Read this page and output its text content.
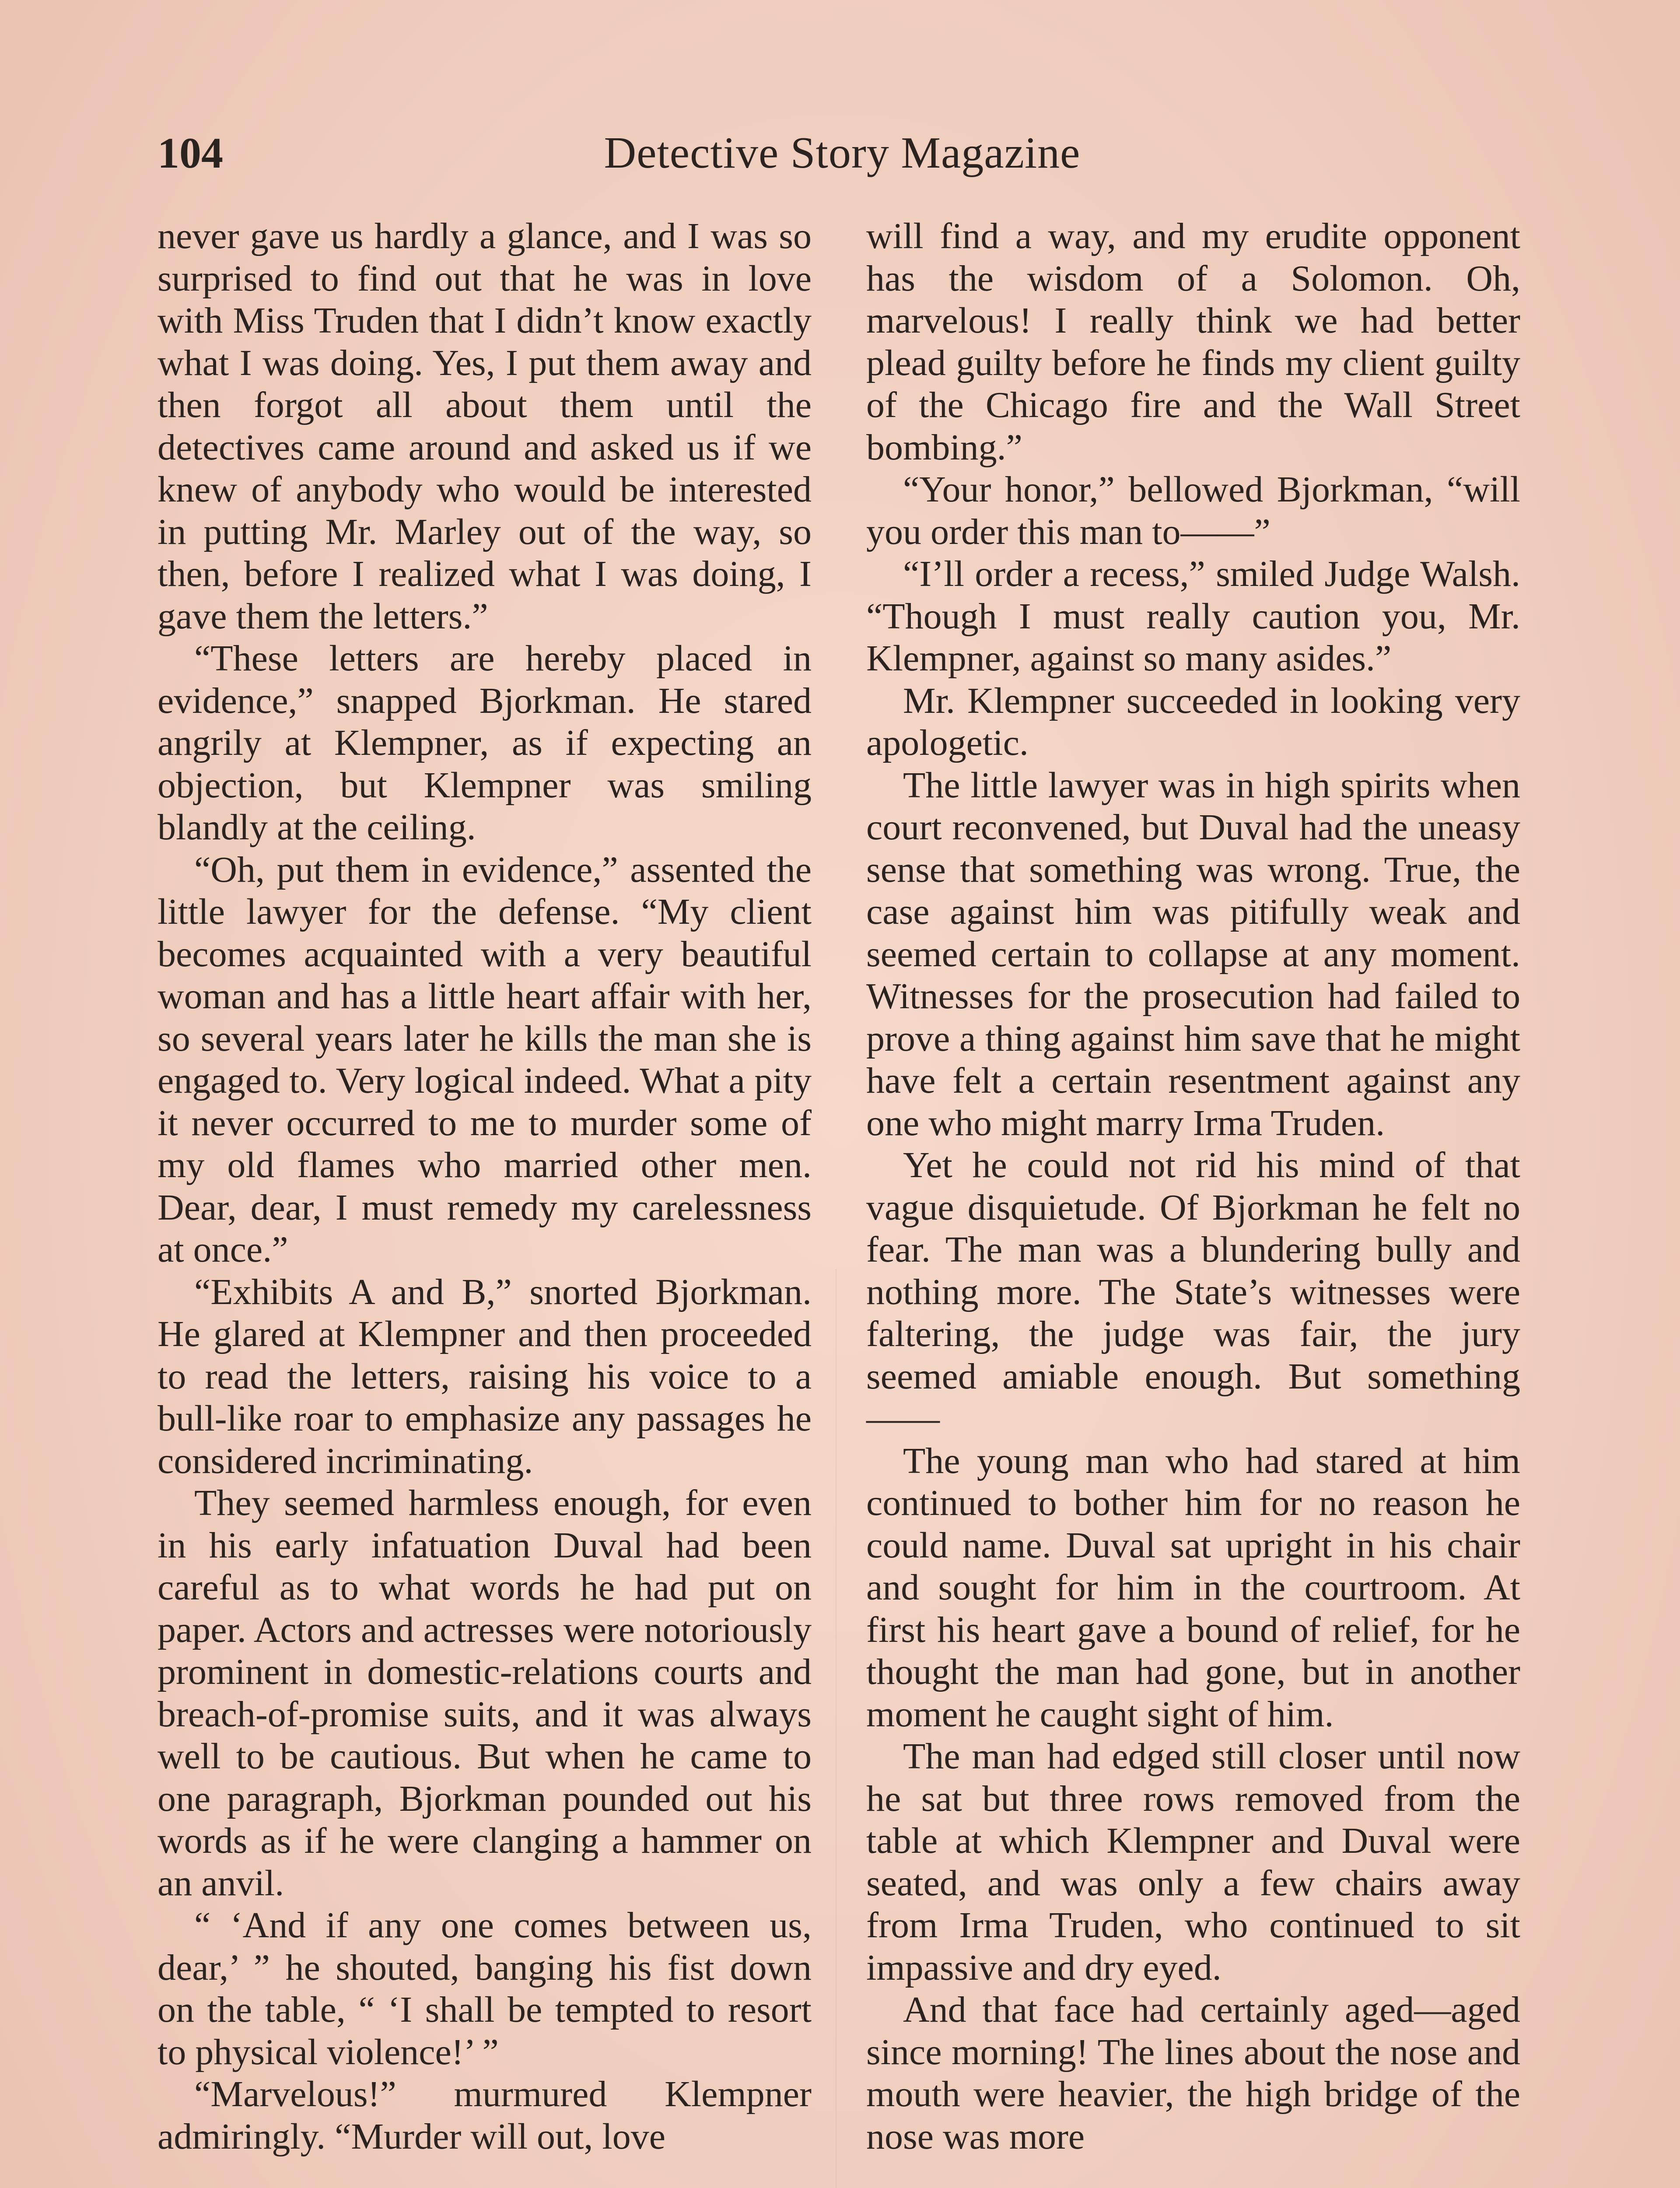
104	Detective Story Magazine

never gave us hardly a glance, and I was so surprised to find out that he was in love with Miss Truden that I didn’t know exactly what I was doing. Yes, I put them away and then forgot all about them until the detectives came around and asked us if we knew of anybody who would be interested in putting Mr. Marley out of the way, so then, before I realized what I was doing, I gave them the letters.”

“These letters are hereby placed in evidence,” snapped Bjorkman. He stared angrily at Klempner, as if expecting an objection, but Klempner was smiling blandly at the ceiling.

“Oh, put them in evidence,” assented the little lawyer for the defense. “My client becomes acquainted with a very beautiful woman and has a little heart affair with her, so several years later he kills the man she is engaged to. Very logical indeed. What a pity it never occurred to me to murder some of my old flames who married other men. Dear, dear, I must remedy my carelessness at once.”

“Exhibits A and B,” snorted Bjorkman. He glared at Klempner and then proceeded to read the letters, raising his voice to a bull-like roar to emphasize any passages he considered incriminating.

They seemed harmless enough, for even in his early infatuation Duval had been careful as to what words he had put on paper. Actors and actresses were notoriously prominent in domestic-relations courts and breach-of-promise suits, and it was always well to be cautious. But when he came to one paragraph, Bjorkman pounded out his words as if he were clanging a hammer on an anvil.

“ ‘And if any one comes between us, dear,’ ” he shouted, banging his fist down on the table, “ ‘I shall be tempted to resort to physical violence!’ ”

“Marvelous!” murmured Klempner admiringly. “Murder will out, love

will find a way, and my erudite opponent has the wisdom of a Solomon. Oh, marvelous! I really think we had better plead guilty before he finds my client guilty of the Chicago fire and the Wall Street bombing.”

“Your honor,” bellowed Bjorkman, “will you order this man to——”

“I’ll order a recess,” smiled Judge Walsh. “Though I must really caution you, Mr. Klempner, against so many asides.”

Mr. Klempner succeeded in looking very apologetic.

The little lawyer was in high spirits when court reconvened, but Duval had the uneasy sense that something was wrong. True, the case against him was pitifully weak and seemed certain to collapse at any moment. Witnesses for the prosecution had failed to prove a thing against him save that he might have felt a certain resentment against any one who might marry Irma Truden.

Yet he could not rid his mind of that vague disquietude. Of Bjorkman he felt no fear. The man was a blundering bully and nothing more. The State’s witnesses were faltering, the judge was fair, the jury seemed amiable enough. But something——

The young man who had stared at him continued to bother him for no reason he could name. Duval sat upright in his chair and sought for him in the courtroom. At first his heart gave a bound of relief, for he thought the man had gone, but in another moment he caught sight of him.

The man had edged still closer until now he sat but three rows removed from the table at which Klempner and Duval were seated, and was only a few chairs away from Irma Truden, who continued to sit impassive and dry eyed.

And that face had certainly aged—aged since morning! The lines about the nose and mouth were heavier, the high bridge of the nose was more
